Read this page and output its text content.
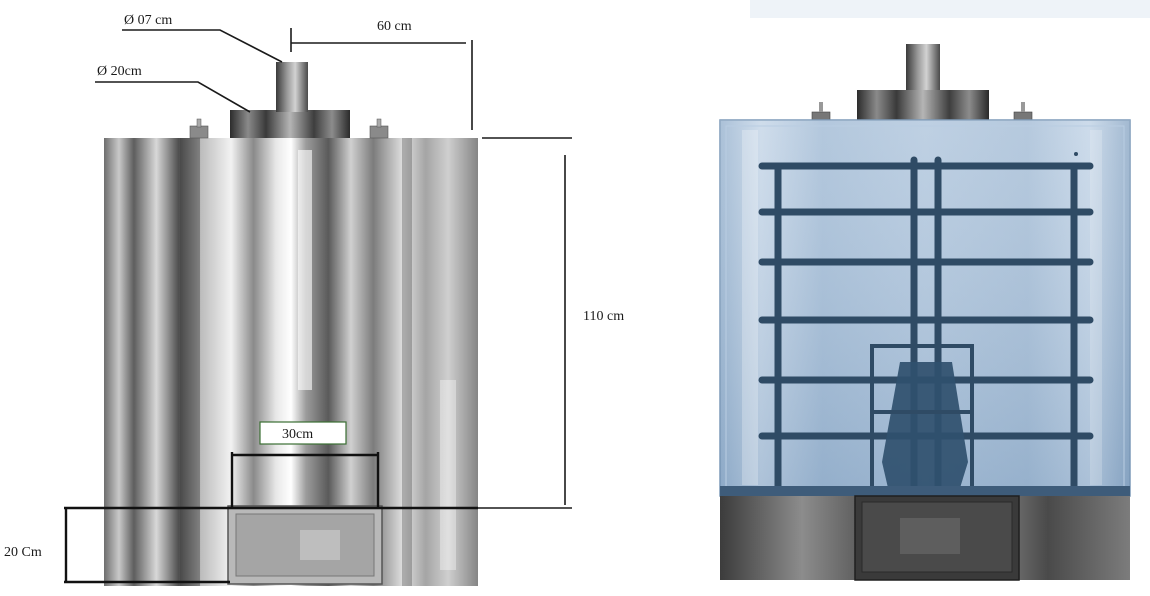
Ø 07 cm
Ø 20cm
60 cm
110 cm
30cm
20 Cm
